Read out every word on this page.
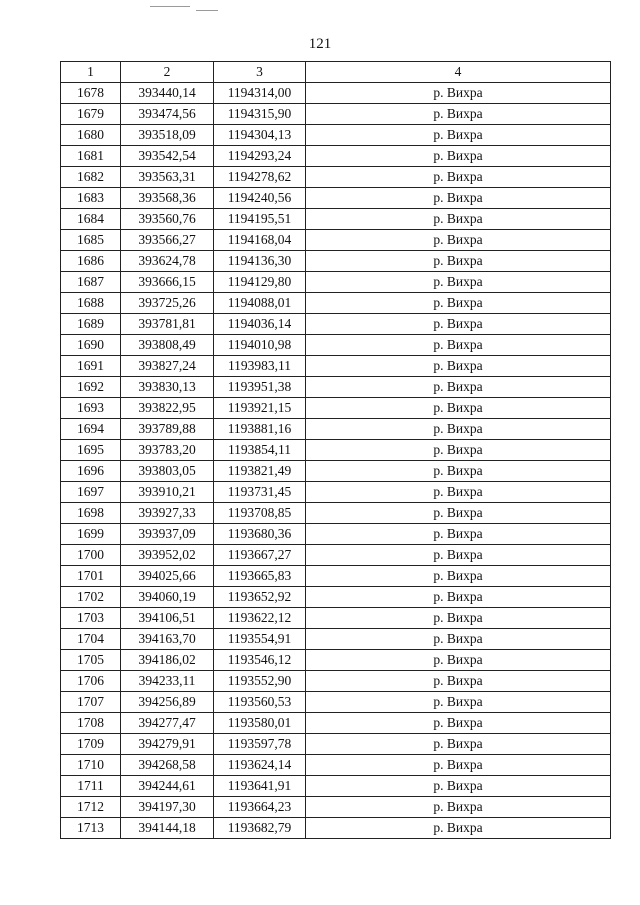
121
1	2	3	4
1678	393440,14	1194314,00	р. Вихра
1679	393474,56	1194315,90	р. Вихра
1680	393518,09	1194304,13	р. Вихра
1681	393542,54	1194293,24	р. Вихра
1682	393563,31	1194278,62	р. Вихра
1683	393568,36	1194240,56	р. Вихра
1684	393560,76	1194195,51	р. Вихра
1685	393566,27	1194168,04	р. Вихра
1686	393624,78	1194136,30	р. Вихра
1687	393666,15	1194129,80	р. Вихра
1688	393725,26	1194088,01	р. Вихра
1689	393781,81	1194036,14	р. Вихра
1690	393808,49	1194010,98	р. Вихра
1691	393827,24	1193983,11	р. Вихра
1692	393830,13	1193951,38	р. Вихра
1693	393822,95	1193921,15	р. Вихра
1694	393789,88	1193881,16	р. Вихра
1695	393783,20	1193854,11	р. Вихра
1696	393803,05	1193821,49	р. Вихра
1697	393910,21	1193731,45	р. Вихра
1698	393927,33	1193708,85	р. Вихра
1699	393937,09	1193680,36	р. Вихра
1700	393952,02	1193667,27	р. Вихра
1701	394025,66	1193665,83	р. Вихра
1702	394060,19	1193652,92	р. Вихра
1703	394106,51	1193622,12	р. Вихра
1704	394163,70	1193554,91	р. Вихра
1705	394186,02	1193546,12	р. Вихра
1706	394233,11	1193552,90	р. Вихра
1707	394256,89	1193560,53	р. Вихра
1708	394277,47	1193580,01	р. Вихра
1709	394279,91	1193597,78	р. Вихра
1710	394268,58	1193624,14	р. Вихра
1711	394244,61	1193641,91	р. Вихра
1712	394197,30	1193664,23	р. Вихра
1713	394144,18	1193682,79	р. Вихра
